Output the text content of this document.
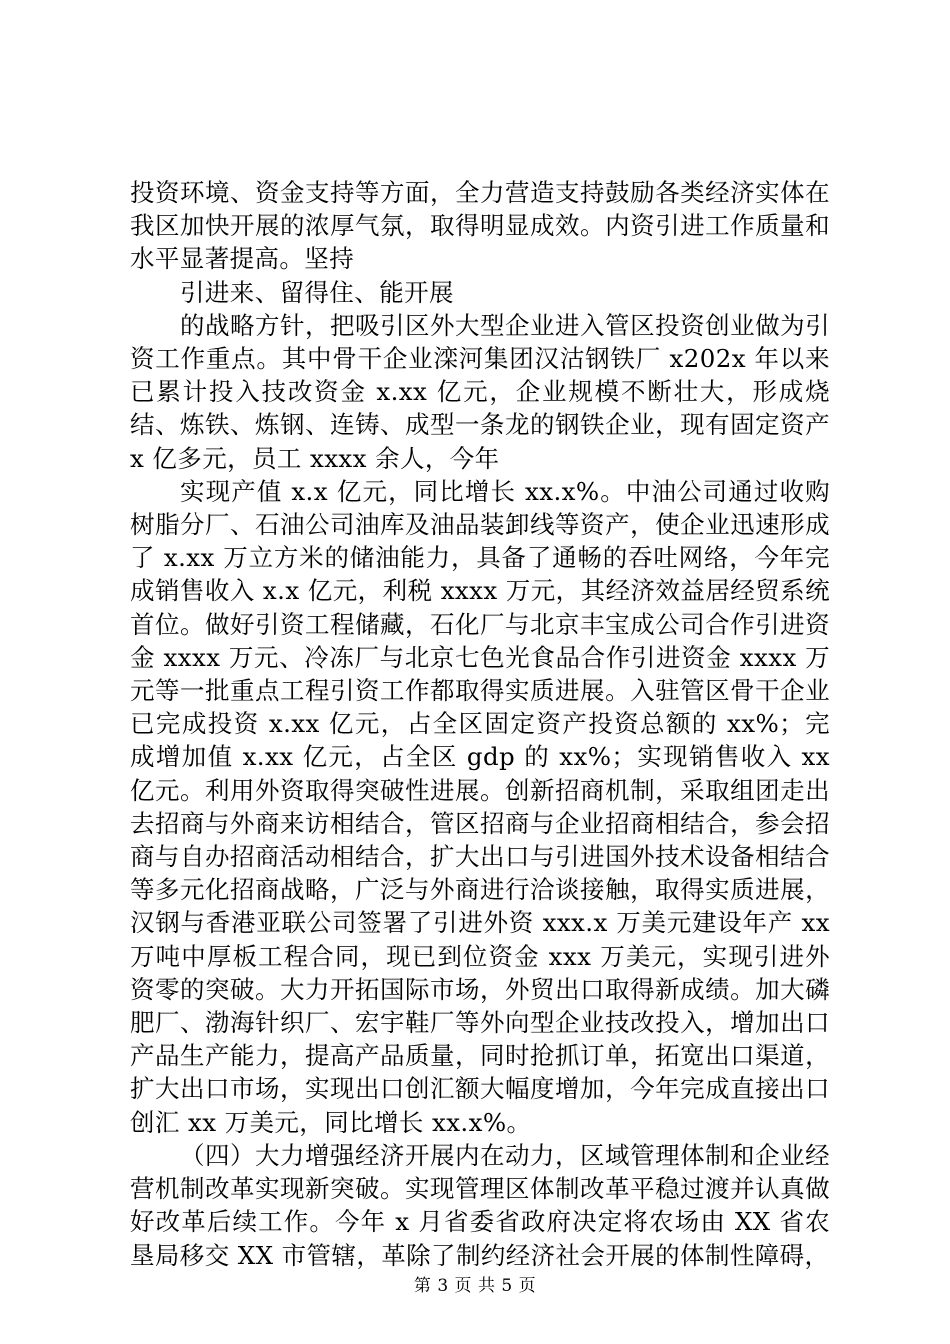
投资环境、资金支持等方面，全力营造支持鼓励各类经济实体在我区加快开展的浓厚气氛，取得明显成效。内资引进工作质量和水平显著提高。坚持

引进来、留得住、能开展

的战略方针，把吸引区外大型企业进入管区投资创业做为引资工作重点。其中骨干企业滦河集团汉沽钢铁厂 x202x 年以来已累计投入技改资金 x.xx 亿元，企业规模不断壮大，形成烧结、炼铁、炼钢、连铸、成型一条龙的钢铁企业，现有固定资产 x 亿多元，员工 xxxx 余人，今年

实现产值 x.x 亿元，同比增长 xx.x%。中油公司通过收购树脂分厂、石油公司油库及油品装卸线等资产，使企业迅速形成了 x.xx 万立方米的储油能力，具备了通畅的吞吐网络，今年完成销售收入 x.x 亿元，利税 xxxx 万元，其经济效益居经贸系统首位。做好引资工程储藏，石化厂与北京丰宝成公司合作引进资金 xxxx 万元、冷冻厂与北京七色光食品合作引进资金 xxxx 万元等一批重点工程引资工作都取得实质进展。入驻管区骨干企业已完成投资 x.xx 亿元，占全区固定资产投资总额的 xx%；完成增加值 x.xx 亿元，占全区 gdp 的 xx%；实现销售收入 xx 亿元。利用外资取得突破性进展。创新招商机制，采取组团走出去招商与外商来访相结合，管区招商与企业招商相结合，参会招商与自办招商活动相结合，扩大出口与引进国外技术设备相结合等多元化招商战略，广泛与外商进行洽谈接触，取得实质进展，汉钢与香港亚联公司签署了引进外资 xxx.x 万美元建设年产 xx 万吨中厚板工程合同，现已到位资金 xxx 万美元，实现引进外资零的突破。大力开拓国际市场，外贸出口取得新成绩。加大磷肥厂、渤海针织厂、宏宇鞋厂等外向型企业技改投入，增加出口产品生产能力，提高产品质量，同时抢抓订单，拓宽出口渠道，扩大出口市场，实现出口创汇额大幅度增加，今年完成直接出口创汇 xx 万美元，同比增长 xx.x%。

（四）大力增强经济开展内在动力，区域管理体制和企业经营机制改革实现新突破。实现管理区体制改革平稳过渡并认真做好改革后续工作。今年 x 月省委省政府决定将农场由 XX 省农垦局移交 XX 市管辖，革除了制约经济社会开展的体制性障碍，

第 3 页 共 5 页
